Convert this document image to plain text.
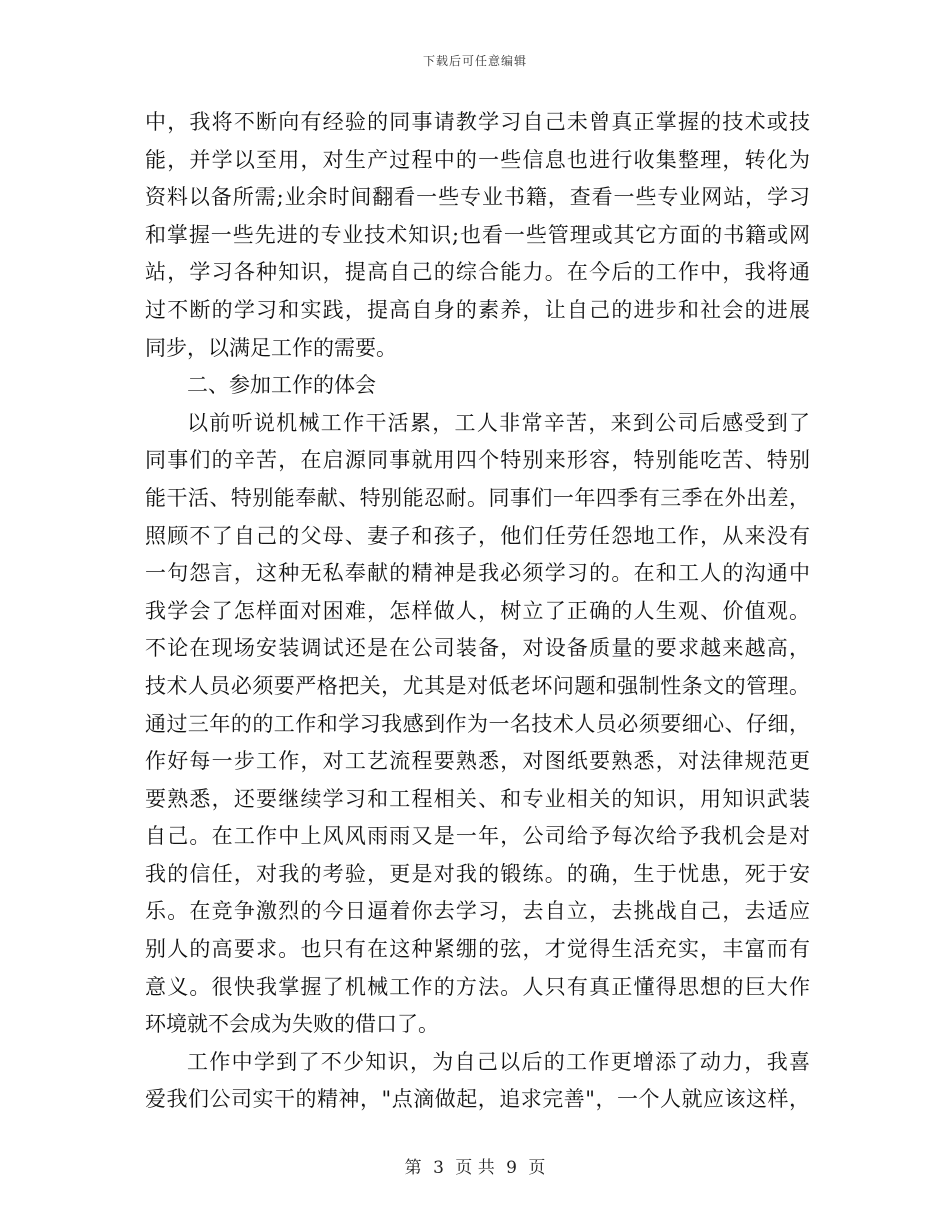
下载后可任意编辑
中，我将不断向有经验的同事请教学习自己未曾真正掌握的技术或技
能，并学以至用，对生产过程中的一些信息也进行收集整理，转化为
资料以备所需;业余时间翻看一些专业书籍，查看一些专业网站，学习
和掌握一些先进的专业技术知识;也看一些管理或其它方面的书籍或网
站，学习各种知识，提高自己的综合能力。在今后的工作中，我将通
过不断的学习和实践，提高自身的素养，让自己的进步和社会的进展
同步，以满足工作的需要。
二、参加工作的体会
以前听说机械工作干活累，工人非常辛苦，来到公司后感受到了
同事们的辛苦，在启源同事就用四个特别来形容，特别能吃苦、特别
能干活、特别能奉献、特别能忍耐。同事们一年四季有三季在外出差，
照顾不了自己的父母、妻子和孩子，他们任劳任怨地工作，从来没有
一句怨言，这种无私奉献的精神是我必须学习的。在和工人的沟通中
我学会了怎样面对困难，怎样做人，树立了正确的人生观、价值观。
不论在现场安装调试还是在公司装备，对设备质量的要求越来越高，
技术人员必须要严格把关，尤其是对低老坏问题和强制性条文的管理。
通过三年的的工作和学习我感到作为一名技术人员必须要细心、仔细，
作好每一步工作，对工艺流程要熟悉，对图纸要熟悉，对法律规范更
要熟悉，还要继续学习和工程相关、和专业相关的知识，用知识武装
自己。在工作中上风风雨雨又是一年，公司给予每次给予我机会是对
我的信任，对我的考验，更是对我的锻练。的确，生于忧患，死于安
乐。在竞争激烈的今日逼着你去学习，去自立，去挑战自己，去适应
别人的高要求。也只有在这种紧绷的弦，才觉得生活充实，丰富而有
意义。很快我掌握了机械工作的方法。人只有真正懂得思想的巨大作
环境就不会成为失败的借口了。
工作中学到了不少知识，为自己以后的工作更增添了动力，我喜
爱我们公司实干的精神，"点滴做起，追求完善"，一个人就应该这样，
第 3 页 共 9 页
